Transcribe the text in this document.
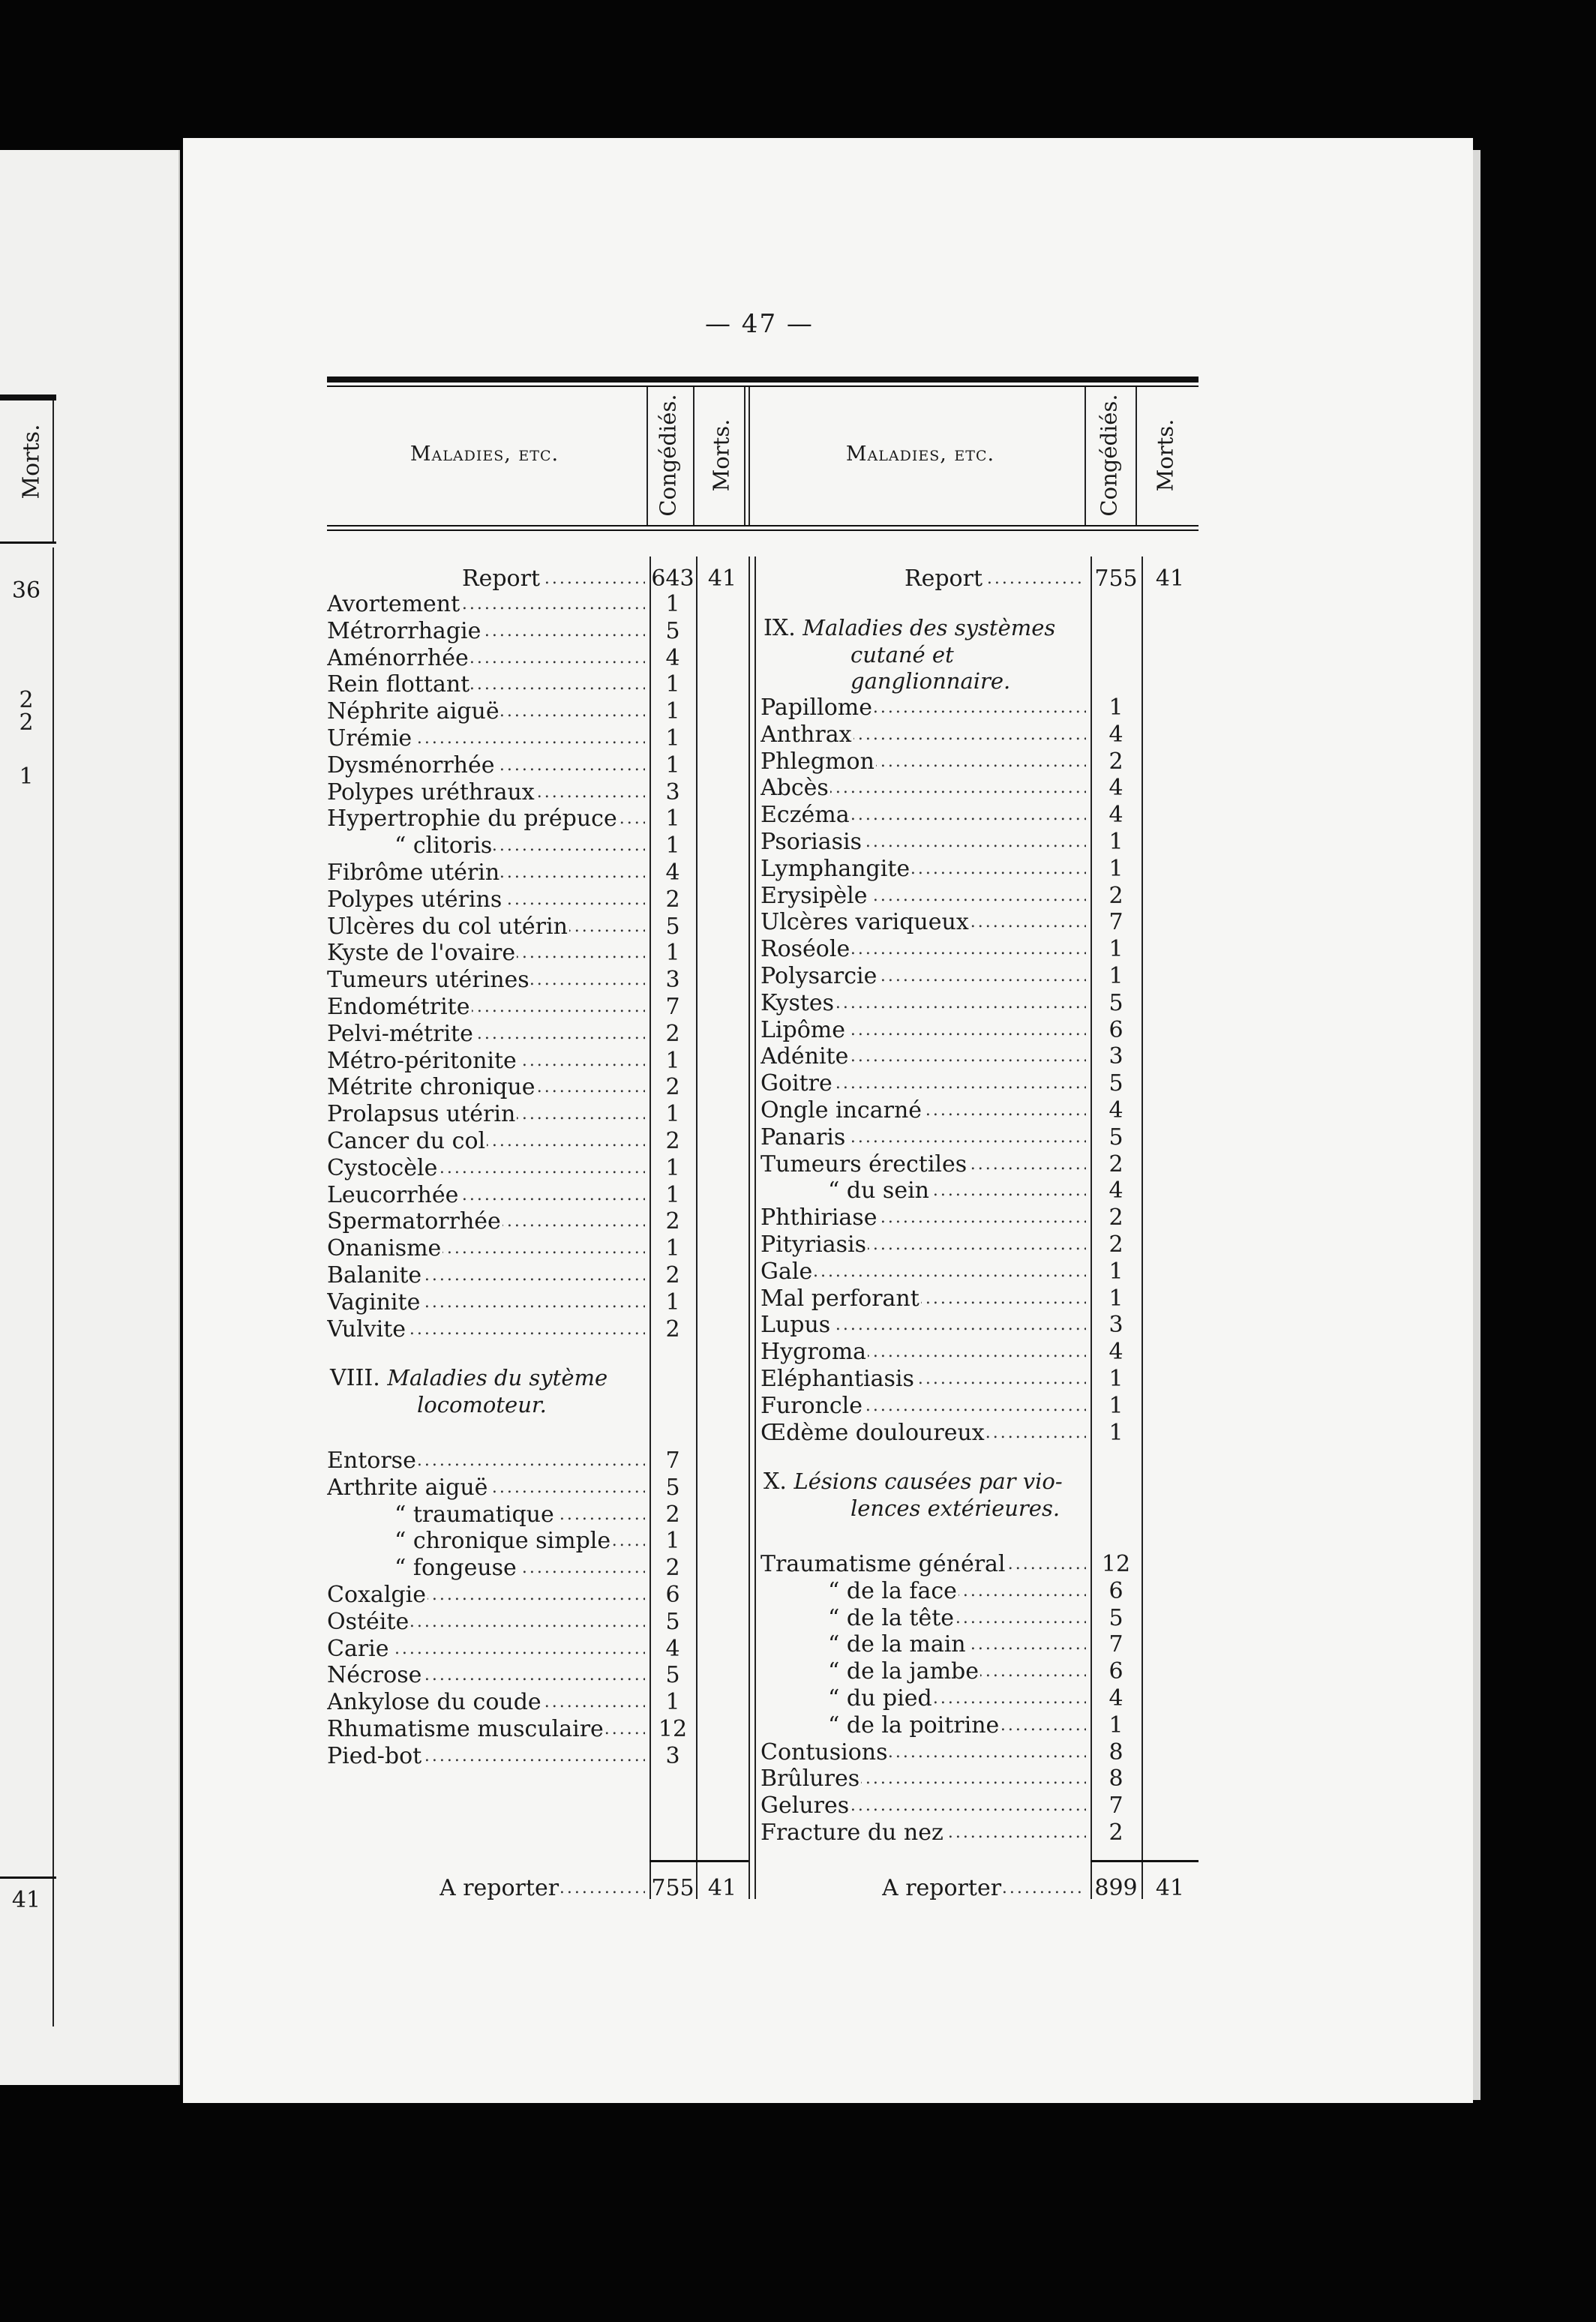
Morts.
36
2
2
1
41
— 47 —
Maladies, etc.	Congédiés. Morts.	Maladies, etc.	Congédiés. Morts.
Report .....	643 41
Avortement .....	1
Métrorrhagie .....	5
Aménorrhée .....	4
Rein flottant .....	1
Néphrite aiguë .....	1
Urémie .....	1
Dysménorrhée .....	1
Polypes uréthraux .....	3
Hypertrophie du prépuce .....	1
“ clitoris .....	1
Fibrôme utérin .....	4
Polypes utérins .....	2
Ulcères du col utérin .....	5
Kyste de l'ovaire .....	1
Tumeurs utérines .....	3
Endométrite .....	7
Pelvi-métrite .....	2
Métro-péritonite .....	1
Métrite chronique .....	2
Prolapsus utérin .....	1
Cancer du col .....	2
Cystocèle .....	1
Leucorrhée .....	1
Spermatorrhée .....	2
Onanisme .....	1
Balanite .....	2
Vaginite .....	1
Vulvite .....	2
VIII. Maladies du sytème
locomoteur.
Entorse .....	7
Arthrite aiguë .....	5
“ traumatique .....	2
“ chronique simple .....	1
“ fongeuse .....	2
Coxalgie .....	6
Ostéite .....	5
Carie .....	4
Nécrose .....	5
Ankylose du coude .....	1
Rhumatisme musculaire .....	12
Pied-bot .....	3
A reporter .....	755 41
Report .....	755 41
IX. Maladies des systèmes
cutané et ganglionnaire.
Papillome .....	1
Anthrax .....	4
Phlegmon .....	2
Abcès .....	4
Eczéma .....	4
Psoriasis .....	1
Lymphangite .....	1
Erysipèle .....	2
Ulcères variqueux .....	7
Roséole .....	1
Polysarcie .....	1
Kystes .....	5
Lipôme .....	6
Adénite .....	3
Goitre .....	5
Ongle incarné .....	4
Panaris .....	5
Tumeurs érectiles .....	2
“ du sein .....	4
Phthiriase .....	2
Pityriasis .....	2
Gale .....	1
Mal perforant .....	1
Lupus .....	3
Hygroma .....	4
Eléphantiasis .....	1
Furoncle .....	1
Œdème douloureux .....	1
X. Lésions causées par vio-
lences extérieures.
Traumatisme général .....	12
“ de la face .....	6
“ de la tête .....	5
“ de la main .....	7
“ de la jambe .....	6
“ du pied .....	4
“ de la poitrine .....	1
Contusions .....	8
Brûlures .....	8
Gelures .....	7
Fracture du nez .....	2
A reporter .....	899 41
